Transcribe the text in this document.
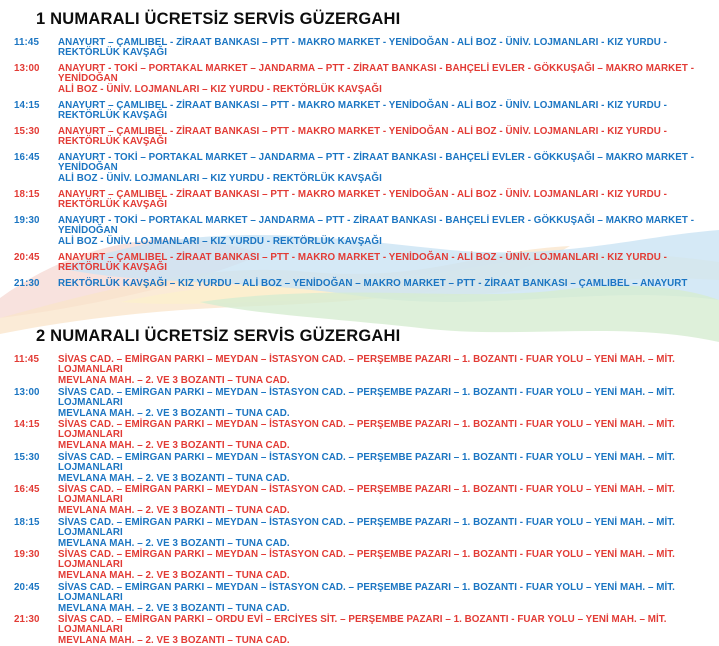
1 NUMARALI ÜCRETSİZ SERVİS GÜZERGAHI
11:45	ANAYURT – ÇAMLIBEL - ZİRAAT BANKASI – PTT - MAKRO MARKET - YENİDOĞAN - ALİ BOZ - ÜNİV. LOJMANLARI - KIZ YURDU - REKTÖRLÜK KAVŞAĞI
13:00	ANAYURT - TOKİ – PORTAKAL MARKET – JANDARMA – PTT - ZİRAAT BANKASI - BAHÇELİ EVLER - GÖKKUŞAĞI – MAKRO MARKET - YENİDOĞAN
ALİ BOZ - ÜNİV. LOJMANLARI – KIZ YURDU - REKTÖRLÜK KAVŞAĞI
14:15	ANAYURT – ÇAMLIBEL - ZİRAAT BANKASI – PTT - MAKRO MARKET - YENİDOĞAN - ALİ BOZ - ÜNİV. LOJMANLARI - KIZ YURDU - REKTÖRLÜK KAVŞAĞI
15:30	ANAYURT – ÇAMLIBEL - ZİRAAT BANKASI – PTT - MAKRO MARKET - YENİDOĞAN - ALİ BOZ - ÜNİV. LOJMANLARI - KIZ YURDU - REKTÖRLÜK KAVŞAĞI
16:45	ANAYURT - TOKİ – PORTAKAL MARKET – JANDARMA – PTT - ZİRAAT BANKASI - BAHÇELİ EVLER - GÖKKUŞAĞI – MAKRO MARKET - YENİDOĞAN
ALİ BOZ - ÜNİV. LOJMANLARI – KIZ YURDU - REKTÖRLÜK KAVŞAĞI
18:15	ANAYURT – ÇAMLIBEL - ZİRAAT BANKASI – PTT - MAKRO MARKET - YENİDOĞAN - ALİ BOZ - ÜNİV. LOJMANLARI - KIZ YURDU - REKTÖRLÜK KAVŞAĞI
19:30	ANAYURT - TOKİ – PORTAKAL MARKET – JANDARMA – PTT - ZİRAAT BANKASI - BAHÇELİ EVLER - GÖKKUŞAĞI – MAKRO MARKET - YENİDOĞAN
ALİ BOZ - ÜNİV. LOJMANLARI – KIZ YURDU - REKTÖRLÜK KAVŞAĞI
20:45	ANAYURT – ÇAMLIBEL - ZİRAAT BANKASI – PTT - MAKRO MARKET - YENİDOĞAN - ALİ BOZ - ÜNİV. LOJMANLARI - KIZ YURDU - REKTÖRLÜK KAVŞAĞI
21:30	REKTÖRLÜK KAVŞAĞI – KIZ YURDU – ALİ BOZ – YENİDOĞAN – MAKRO MARKET – PTT - ZİRAAT BANKASI – ÇAMLIBEL – ANAYURT
2 NUMARALI ÜCRETSİZ SERVİS GÜZERGAHI
11:45	SİVAS CAD. – EMİRGAN PARKI – MEYDAN – İSTASYON CAD. – PERŞEMBE PAZARI – 1. BOZANTI - FUAR YOLU – YENİ MAH. – MİT. LOJMANLARI
MEVLANA MAH. – 2. VE 3 BOZANTI – TUNA CAD.
13:00	SİVAS CAD. – EMİRGAN PARKI – MEYDAN – İSTASYON CAD. – PERŞEMBE PAZARI – 1. BOZANTI - FUAR YOLU – YENİ MAH. – MİT. LOJMANLARI
MEVLANA MAH. – 2. VE 3 BOZANTI – TUNA CAD.
14:15	SİVAS CAD. – EMİRGAN PARKI – MEYDAN – İSTASYON CAD. – PERŞEMBE PAZARI – 1. BOZANTI - FUAR YOLU – YENİ MAH. – MİT. LOJMANLARI
MEVLANA MAH. – 2. VE 3 BOZANTI – TUNA CAD.
15:30	SİVAS CAD. – EMİRGAN PARKI – MEYDAN – İSTASYON CAD. – PERŞEMBE PAZARI – 1. BOZANTI - FUAR YOLU – YENİ MAH. – MİT. LOJMANLARI
MEVLANA MAH. – 2. VE 3 BOZANTI – TUNA CAD.
16:45	SİVAS CAD. – EMİRGAN PARKI – MEYDAN – İSTASYON CAD. – PERŞEMBE PAZARI – 1. BOZANTI - FUAR YOLU – YENİ MAH. – MİT. LOJMANLARI
MEVLANA MAH. – 2. VE 3 BOZANTI – TUNA CAD.
18:15	SİVAS CAD. – EMİRGAN PARKI – MEYDAN – İSTASYON CAD. – PERŞEMBE PAZARI – 1. BOZANTI - FUAR YOLU – YENİ MAH. – MİT. LOJMANLARI
MEVLANA MAH. – 2. VE 3 BOZANTI – TUNA CAD.
19:30	SİVAS CAD. – EMİRGAN PARKI – MEYDAN – İSTASYON CAD. – PERŞEMBE PAZARI – 1. BOZANTI - FUAR YOLU – YENİ MAH. – MİT. LOJMANLARI
MEVLANA MAH. – 2. VE 3 BOZANTI – TUNA CAD.
20:45	SİVAS CAD. – EMİRGAN PARKI – MEYDAN – İSTASYON CAD. – PERŞEMBE PAZARI – 1. BOZANTI - FUAR YOLU – YENİ MAH. – MİT. LOJMANLARI
MEVLANA MAH. – 2. VE 3 BOZANTI – TUNA CAD.
21:30	SİVAS CAD. – EMİRGAN PARKI – ORDU EVİ – ERCİYES SİT. – PERŞEMBE PAZARI – 1. BOZANTI - FUAR YOLU – YENİ MAH. – MİT. LOJMANLARI
MEVLANA MAH. – 2. VE 3 BOZANTI – TUNA CAD.
